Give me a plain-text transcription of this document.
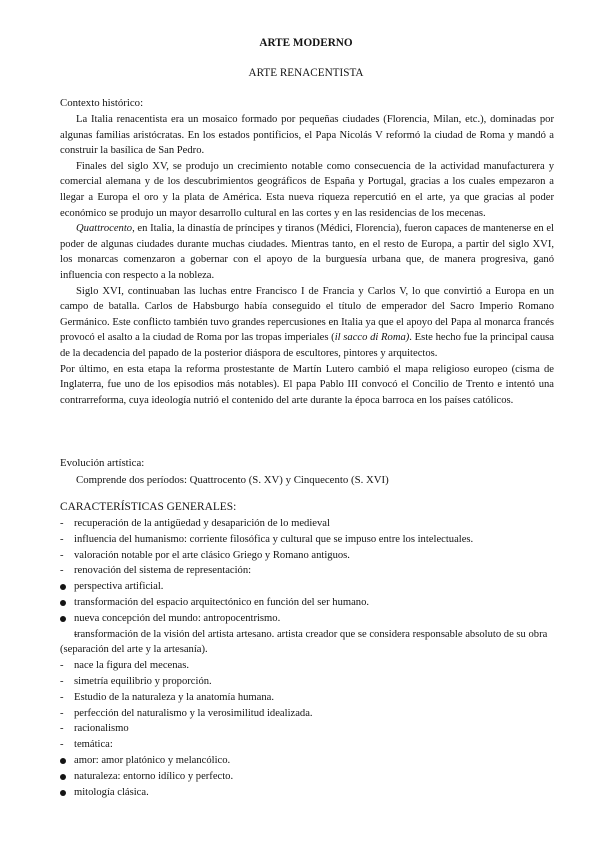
ARTE MODERNO
ARTE RENACENTISTA
Contexto histórico:

La Italia renacentista era un mosaico formado por pequeñas ciudades (Florencia, Milan, etc.), dominadas por algunas familias aristócratas. En los estados pontificios, el Papa Nicolás V reformó la ciudad de Roma y mandó a construir la basílica de San Pedro.

Finales del siglo XV, se produjo un crecimiento notable como consecuencia de la actividad manufacturera y comercial alemana y de los descubrimientos geográficos de España y Portugal, gracias a los cuales empezaron a llegar a Europa el oro y la plata de América. Esta nueva riqueza repercutió en el arte, ya que gracias al poder económico se produjo un mayor desarrollo cultural en las cortes y en las residencias de los mecenas.

Quattrocento, en Italia, la dinastía de príncipes y tiranos (Médici, Florencia), fueron capaces de mantenerse en el poder de algunas ciudades durante muchas ciudades. Mientras tanto, en el resto de Europa, a partir del siglo XVI, los monarcas comenzaron a gobernar con el apoyo de la burguesía urbana que, de manera progresiva, ganó influencia con respecto a la nobleza.

Siglo XVI, continuaban las luchas entre Francisco I de Francia y Carlos V, lo que convirtió a Europa en un campo de batalla. Carlos de Habsburgo había conseguido el título de emperador del Sacro Imperio Romano Germánico. Este conflicto también tuvo grandes repercusiones en Italia ya que el apoyo del Papa al monarca francés provocó el asalto a la ciudad de Roma por las tropas imperiales (il sacco di Roma). Este hecho fue la principal causa de la decadencia del papado de la posterior diáspora de escultores, pintores y arquitectos.

Por último, en esta etapa la reforma prostestante de Martín Lutero cambió el mapa religioso europeo (cisma de Inglaterra, fue uno de los episodios más notables). El papa Pablo III convocó el Concilio de Trento e intentó una contrarreforma, cuya ideología nutrió el contenido del arte durante la época barroca en los países católicos.

Evolución artística:
Comprende dos períodos: Quattrocento (S. XV) y Cinquecento (S. XVI)
CARACTERÍSTICAS GENERALES:
-
recuperación de la antigüedad y desaparición de lo medieval
-
influencia del humanismo: corriente filosófica y cultural que se impuso entre los intelectuales.
-
valoración notable por el arte clásico Griego y Romano antiguos.
-
renovación del sistema de representación:
perspectiva artificial.
transformación del espacio arquitectónico en función del ser humano.
nueva concepción del mundo: antropocentrismo.
-
transformación de la visión del artista artesano. artista creador que se considera responsable absoluto de su obra (separación del arte y la artesanía).
-
nace la figura del mecenas.
-
simetría equilibrio y proporción.
-
Estudio de la naturaleza y la anatomía humana.
-
perfección del naturalismo y la verosimilitud idealizada.
-
racionalismo
-
temática:
amor: amor platónico y melancólico.
naturaleza: entorno idílico y perfecto.
mitología clásica.
